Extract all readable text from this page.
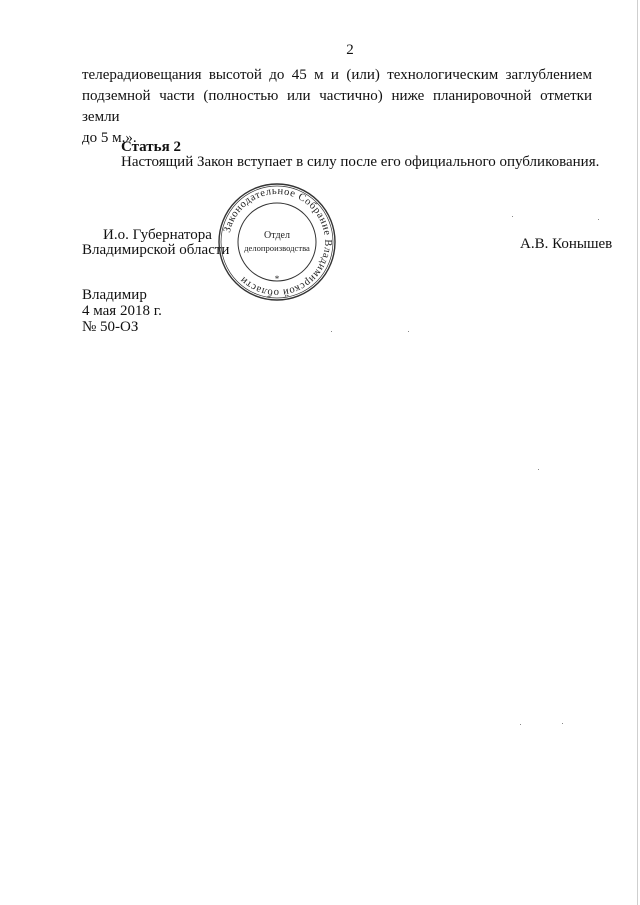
2
телерадиовещания высотой до 45 м и (или) технологическим заглублением
подземной части (полностью или частично) ниже планировочной отметки земли
до 5 м.».
Статья 2
Настоящий Закон вступает в силу после его официального опубликования.
И.о. Губернатора
Владимирской области	А.В. Конышев
Законодательное Собрание Владимирской области	*
Отдел
делопроизводства
Владимир
4 мая 2018 г.
№ 50-ОЗ
